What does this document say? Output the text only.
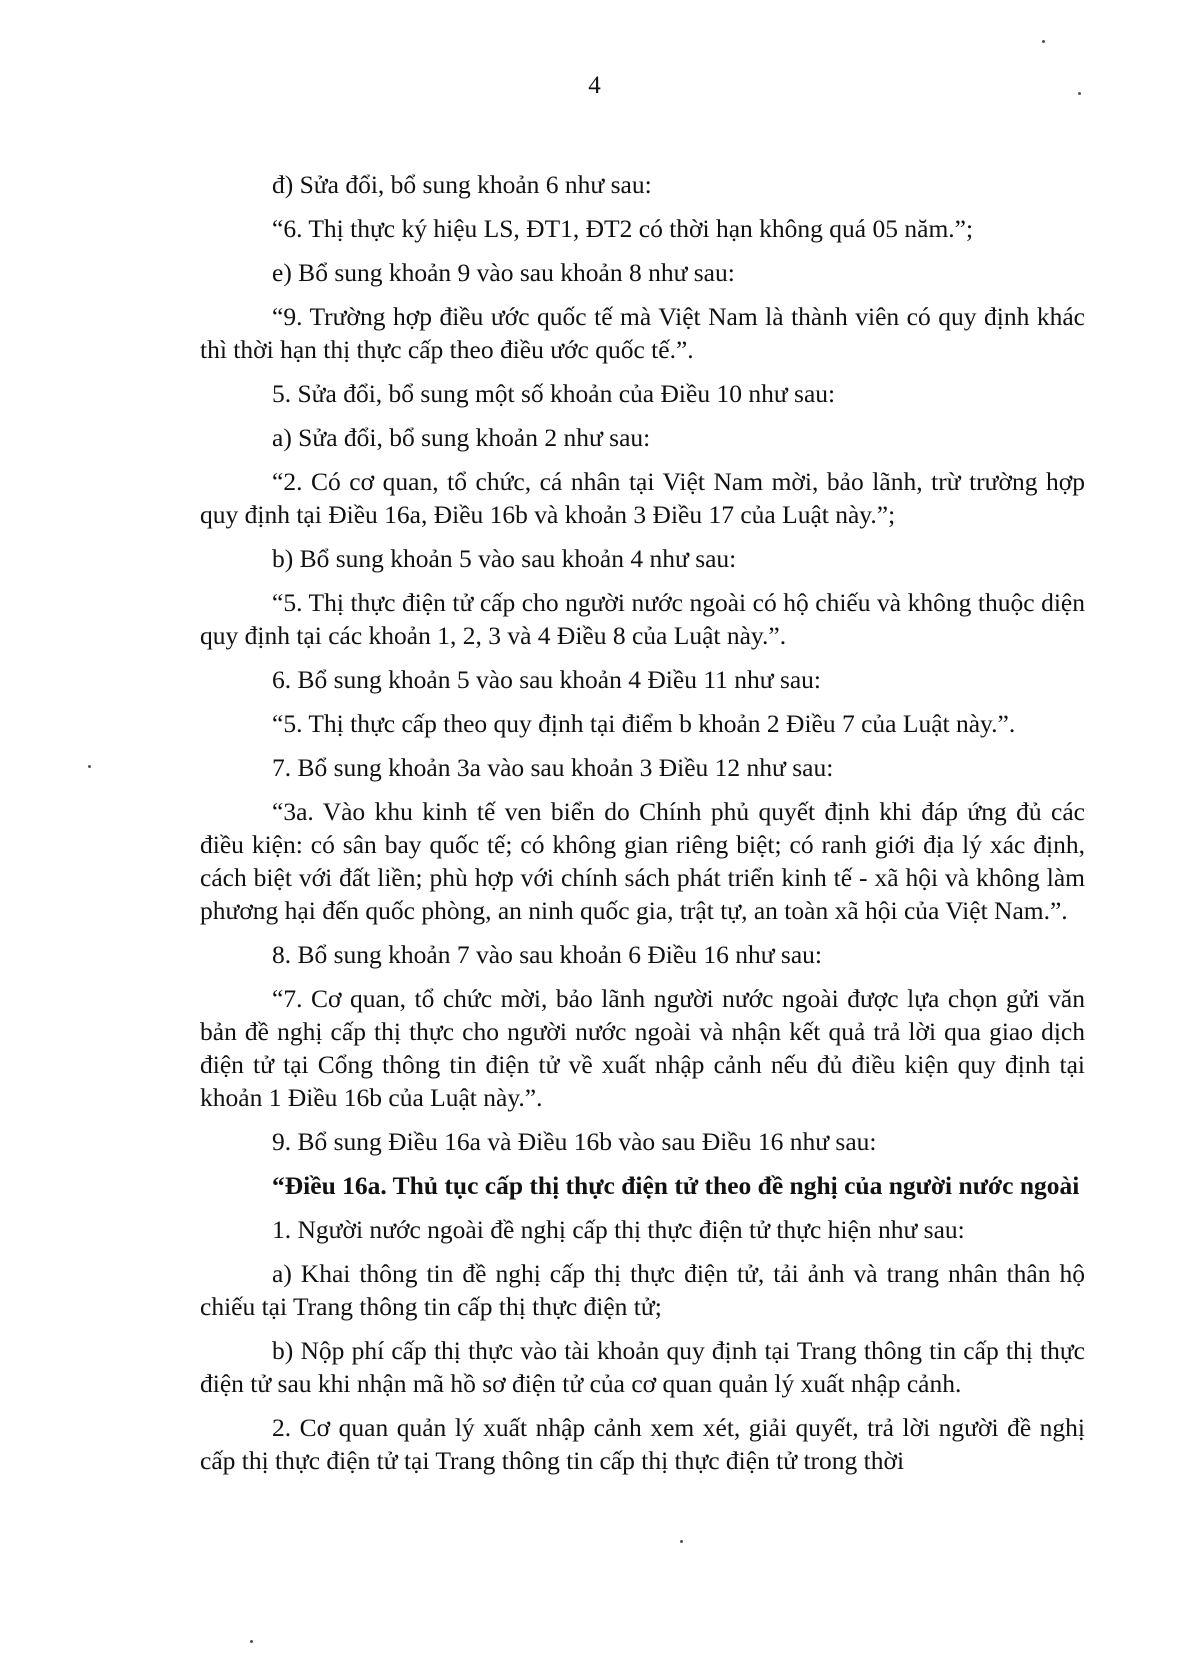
4

đ) Sửa đổi, bổ sung khoản 6 như sau:

“6. Thị thực ký hiệu LS, ĐT1, ĐT2 có thời hạn không quá 05 năm.”;

e) Bổ sung khoản 9 vào sau khoản 8 như sau:

“9. Trường hợp điều ước quốc tế mà Việt Nam là thành viên có quy định khác thì thời hạn thị thực cấp theo điều ước quốc tế.”.

5. Sửa đổi, bổ sung một số khoản của Điều 10 như sau:

a) Sửa đổi, bổ sung khoản 2 như sau:

“2. Có cơ quan, tổ chức, cá nhân tại Việt Nam mời, bảo lãnh, trừ trường hợp quy định tại Điều 16a, Điều 16b và khoản 3 Điều 17 của Luật này.”;

b) Bổ sung khoản 5 vào sau khoản 4 như sau:

“5. Thị thực điện tử cấp cho người nước ngoài có hộ chiếu và không thuộc diện quy định tại các khoản 1, 2, 3 và 4 Điều 8 của Luật này.”.

6. Bổ sung khoản 5 vào sau khoản 4 Điều 11 như sau:

“5. Thị thực cấp theo quy định tại điểm b khoản 2 Điều 7 của Luật này.”.

7. Bổ sung khoản 3a vào sau khoản 3 Điều 12 như sau:

“3a. Vào khu kinh tế ven biển do Chính phủ quyết định khi đáp ứng đủ các điều kiện: có sân bay quốc tế; có không gian riêng biệt; có ranh giới địa lý xác định, cách biệt với đất liền; phù hợp với chính sách phát triển kinh tế - xã hội và không làm phương hại đến quốc phòng, an ninh quốc gia, trật tự, an toàn xã hội của Việt Nam.”.

8. Bổ sung khoản 7 vào sau khoản 6 Điều 16 như sau:

“7. Cơ quan, tổ chức mời, bảo lãnh người nước ngoài được lựa chọn gửi văn bản đề nghị cấp thị thực cho người nước ngoài và nhận kết quả trả lời qua giao dịch điện tử tại Cổng thông tin điện tử về xuất nhập cảnh nếu đủ điều kiện quy định tại khoản 1 Điều 16b của Luật này.”.

9. Bổ sung Điều 16a và Điều 16b vào sau Điều 16 như sau:

“Điều 16a. Thủ tục cấp thị thực điện tử theo đề nghị của người nước ngoài

1. Người nước ngoài đề nghị cấp thị thực điện tử thực hiện như sau:

a) Khai thông tin đề nghị cấp thị thực điện tử, tải ảnh và trang nhân thân hộ chiếu tại Trang thông tin cấp thị thực điện tử;

b) Nộp phí cấp thị thực vào tài khoản quy định tại Trang thông tin cấp thị thực điện tử sau khi nhận mã hồ sơ điện tử của cơ quan quản lý xuất nhập cảnh.

2. Cơ quan quản lý xuất nhập cảnh xem xét, giải quyết, trả lời người đề nghị cấp thị thực điện tử tại Trang thông tin cấp thị thực điện tử trong thời
